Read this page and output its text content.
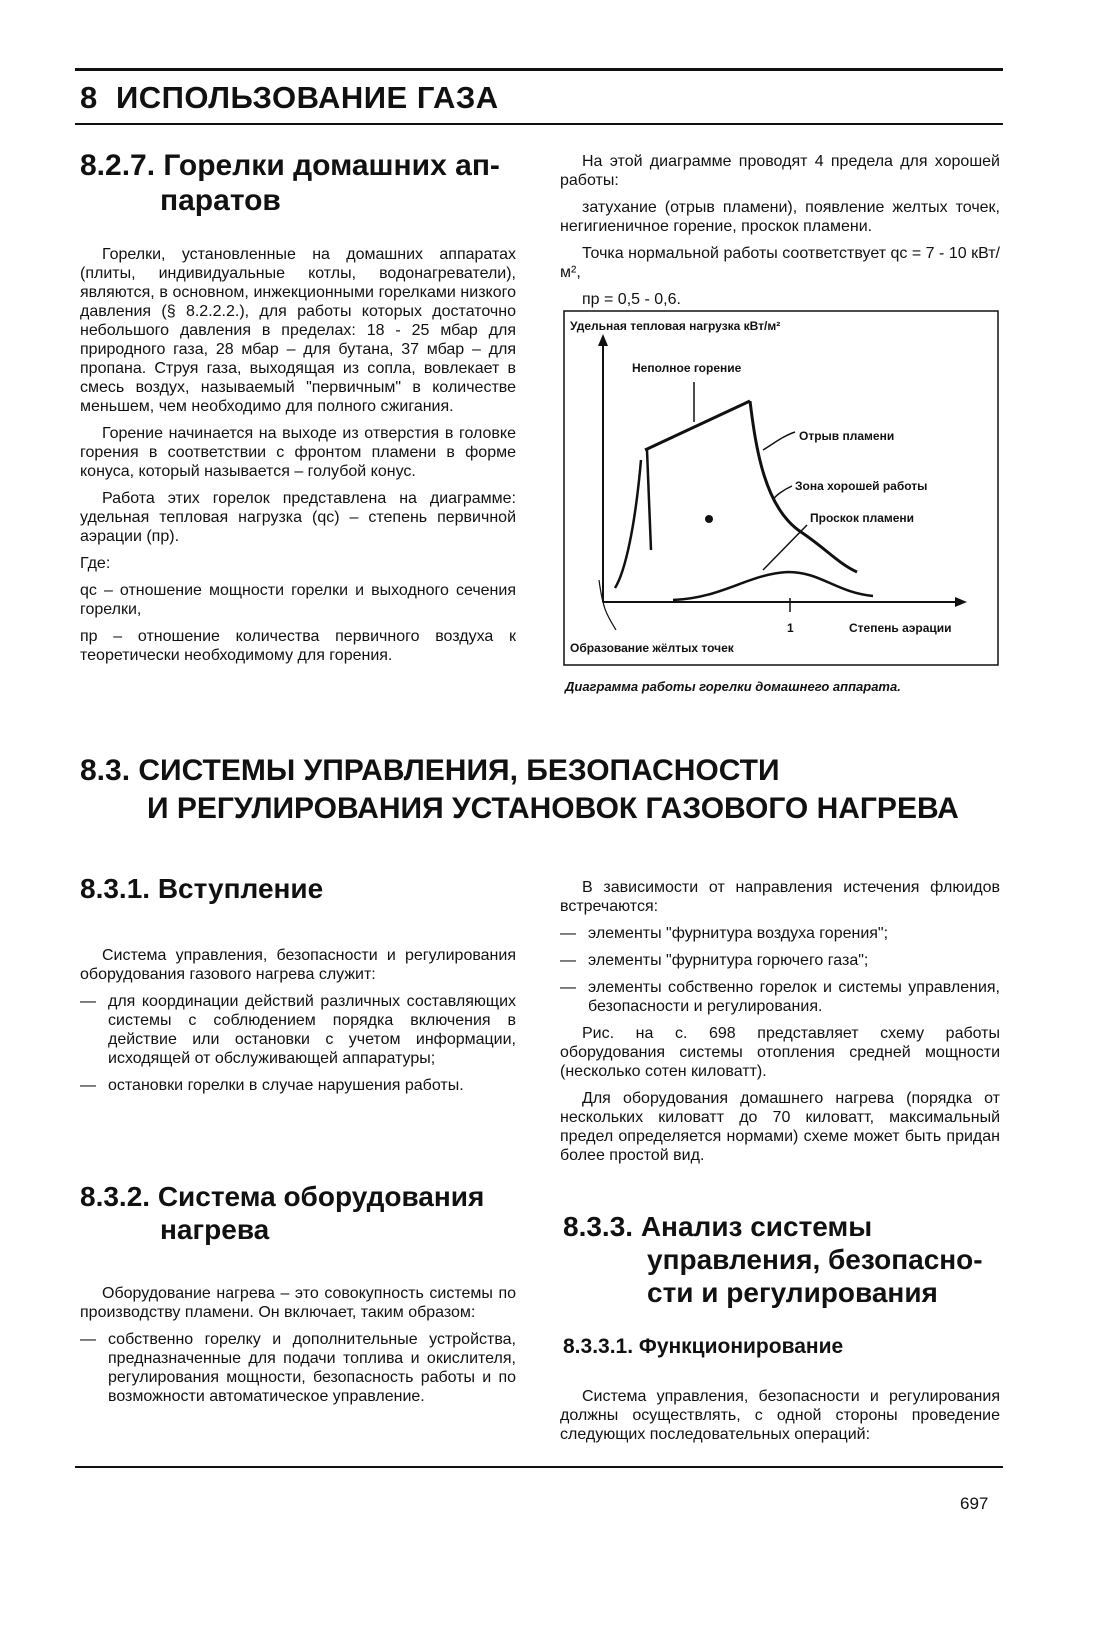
8  ИСПОЛЬЗОВАНИЕ ГАЗА
8.2.7. Горелки домашних ап-
паратов

Горелки, установленные на домашних аппаратах (плиты, индивидуальные котлы, водонагреватели), являются, в основном, инжекционными горелками низкого давления (§ 8.2.2.2.), для работы которых достаточно небольшого давления в пределах: 18 - 25 мбар для природного газа, 28 мбар – для бутана, 37 мбар – для пропана. Струя газа, выходящая из сопла, вовлекает в смесь воздух, называемый "первичным" в количестве меньшем, чем необходимо для полного сжигания.

Горение начинается на выходе из отверстия в головке горения в соответствии с фронтом пламени в форме конуса, который называется – голубой конус.

Работа этих горелок представлена на диаграмме: удельная тепловая нагрузка (qc) – степень первичной аэрации (пр).

Где:

qc – отношение мощности горелки и выходного сечения горелки,

пр – отношение количества первичного воздуха к теоретически необходимому для горения.

На этой диаграмме проводят 4 предела для хорошей работы:

затухание (отрыв пламени), появление желтых точек, негигиеничное горение, проскок пламени.

Точка нормальной работы соответствует qc = 7 - 10 кВт/м²,

пр = 0,5 - 0,6.

Удельная тепловая нагрузка кВт/м²
1	Степень аэрации
Неполное горение
Отрыв пламени
Зона хорошей работы
Проскок пламени
Образование жёлтых точек
Диаграмма работы горелки домашнего аппарата.
8.3. СИСТЕМЫ УПРАВЛЕНИЯ, БЕЗОПАСНОСТИ
И РЕГУЛИРОВАНИЯ УСТАНОВОК ГАЗОВОГО НАГРЕВА
8.3.1. Вступление

Система управления, безопасности и регулирования оборудования газового нагрева служит:

— для координации действий различных составляющих системы с соблюдением порядка включения в действие или остановки с учетом информации, исходящей от обслуживающей аппаратуры;

— остановки горелки в случае нарушения работы.

В зависимости от направления истечения флюидов встречаются:

— элементы "фурнитура воздуха горения";

— элементы "фурнитура горючего газа";

— элементы собственно горелок и системы управления, безопасности и регулирования.

Рис. на с. 698 представляет схему работы оборудования системы отопления средней мощности (несколько сотен киловатт).

Для оборудования домашнего нагрева (порядка от нескольких киловатт до 70 киловатт, максимальный предел определяется нормами) схеме может быть придан более простой вид.

8.3.2. Система оборудования
нагрева

Оборудование нагрева – это совокупность системы по производству пламени. Он включает, таким образом:

— собственно горелку и дополнительные устройства, предназначенные для подачи топлива и окислителя, регулирования мощности, безопасность работы и по возможности автоматическое управление.

8.3.3. Анализ системы
управления, безопасно-
сти и регулирования
8.3.3.1. Функционирование

Система управления, безопасности и регулирования должны осуществлять, с одной стороны проведение следующих последовательных операций:

697
